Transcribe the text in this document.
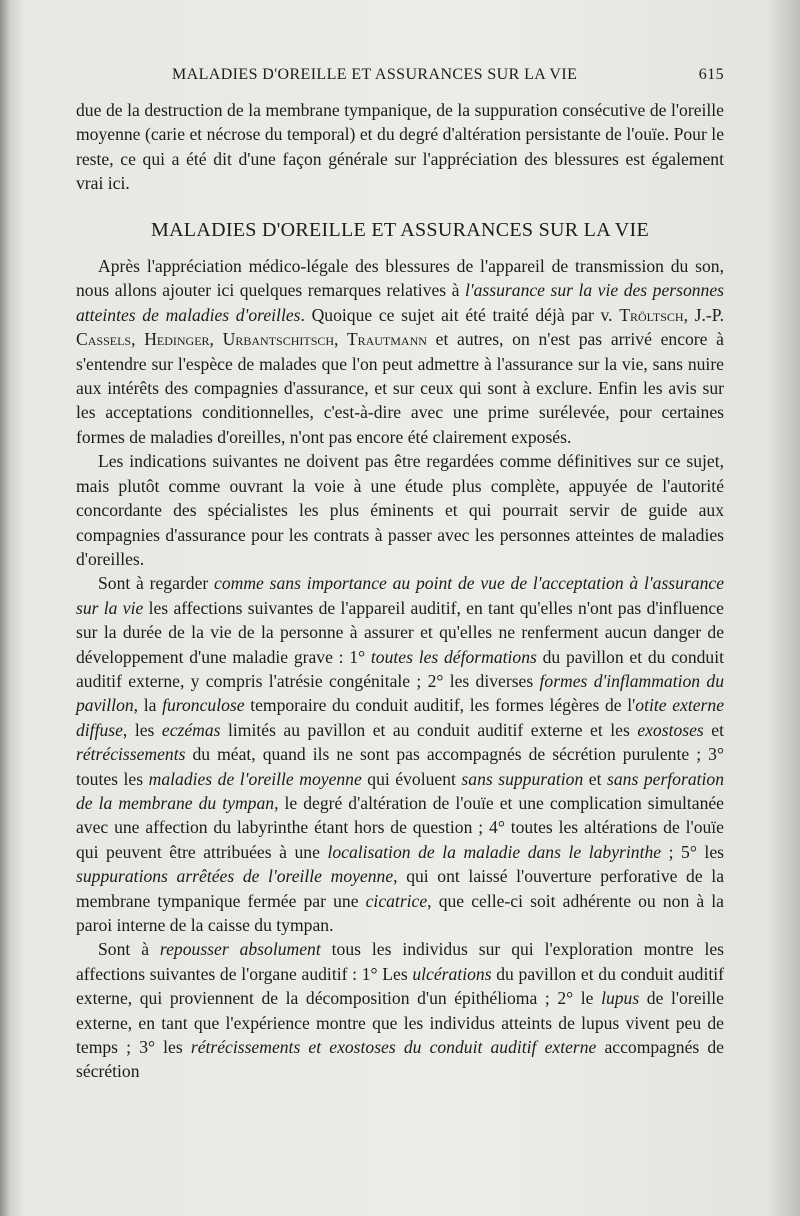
MALADIES D'OREILLE ET ASSURANCES SUR LA VIE	615

due de la destruction de la membrane tympanique, de la suppuration consécutive de l'oreille moyenne (carie et nécrose du temporal) et du degré d'altération persistante de l'ouïe. Pour le reste, ce qui a été dit d'une façon générale sur l'appréciation des blessures est également vrai ici.

MALADIES D'OREILLE ET ASSURANCES SUR LA VIE

Après l'appréciation médico-légale des blessures de l'appareil de transmission du son, nous allons ajouter ici quelques remarques relatives à l'assurance sur la vie des personnes atteintes de maladies d'oreilles. Quoique ce sujet ait été traité déjà par v. Tröltsch, J.-P. Cassels, Hedinger, Urbantschitsch, Trautmann et autres, on n'est pas arrivé encore à s'entendre sur l'espèce de malades que l'on peut admettre à l'assurance sur la vie, sans nuire aux intérêts des compagnies d'assurance, et sur ceux qui sont à exclure. Enfin les avis sur les acceptations conditionnelles, c'est-à-dire avec une prime surélevée, pour certaines formes de maladies d'oreilles, n'ont pas encore été clairement exposés.

Les indications suivantes ne doivent pas être regardées comme définitives sur ce sujet, mais plutôt comme ouvrant la voie à une étude plus complète, appuyée de l'autorité concordante des spécialistes les plus éminents et qui pourrait servir de guide aux compagnies d'assurance pour les contrats à passer avec les personnes atteintes de maladies d'oreilles.

Sont à regarder comme sans importance au point de vue de l'acceptation à l'assurance sur la vie les affections suivantes de l'appareil auditif, en tant qu'elles n'ont pas d'influence sur la durée de la vie de la personne à assurer et qu'elles ne renferment aucun danger de développement d'une maladie grave : 1° toutes les déformations du pavillon et du conduit auditif externe, y compris l'atrésie congénitale ; 2° les diverses formes d'inflammation du pavillon, la furonculose temporaire du conduit auditif, les formes légères de l'otite externe diffuse, les eczémas limités au pavillon et au conduit auditif externe et les exostoses et rétrécissements du méat, quand ils ne sont pas accompagnés de sécrétion purulente ; 3° toutes les maladies de l'oreille moyenne qui évoluent sans suppuration et sans perforation de la membrane du tympan, le degré d'altération de l'ouïe et une complication simultanée avec une affection du labyrinthe étant hors de question ; 4° toutes les altérations de l'ouïe qui peuvent être attribuées à une localisation de la maladie dans le labyrinthe ; 5° les suppurations arrêtées de l'oreille moyenne, qui ont laissé l'ouverture perforative de la membrane tympanique fermée par une cicatrice, que celle-ci soit adhérente ou non à la paroi interne de la caisse du tympan.

Sont à repousser absolument tous les individus sur qui l'exploration montre les affections suivantes de l'organe auditif : 1° Les ulcérations du pavillon et du conduit auditif externe, qui proviennent de la décomposition d'un épithélioma ; 2° le lupus de l'oreille externe, en tant que l'expérience montre que les individus atteints de lupus vivent peu de temps ; 3° les rétrécissements et exostoses du conduit auditif externe accompagnés de sécrétion
